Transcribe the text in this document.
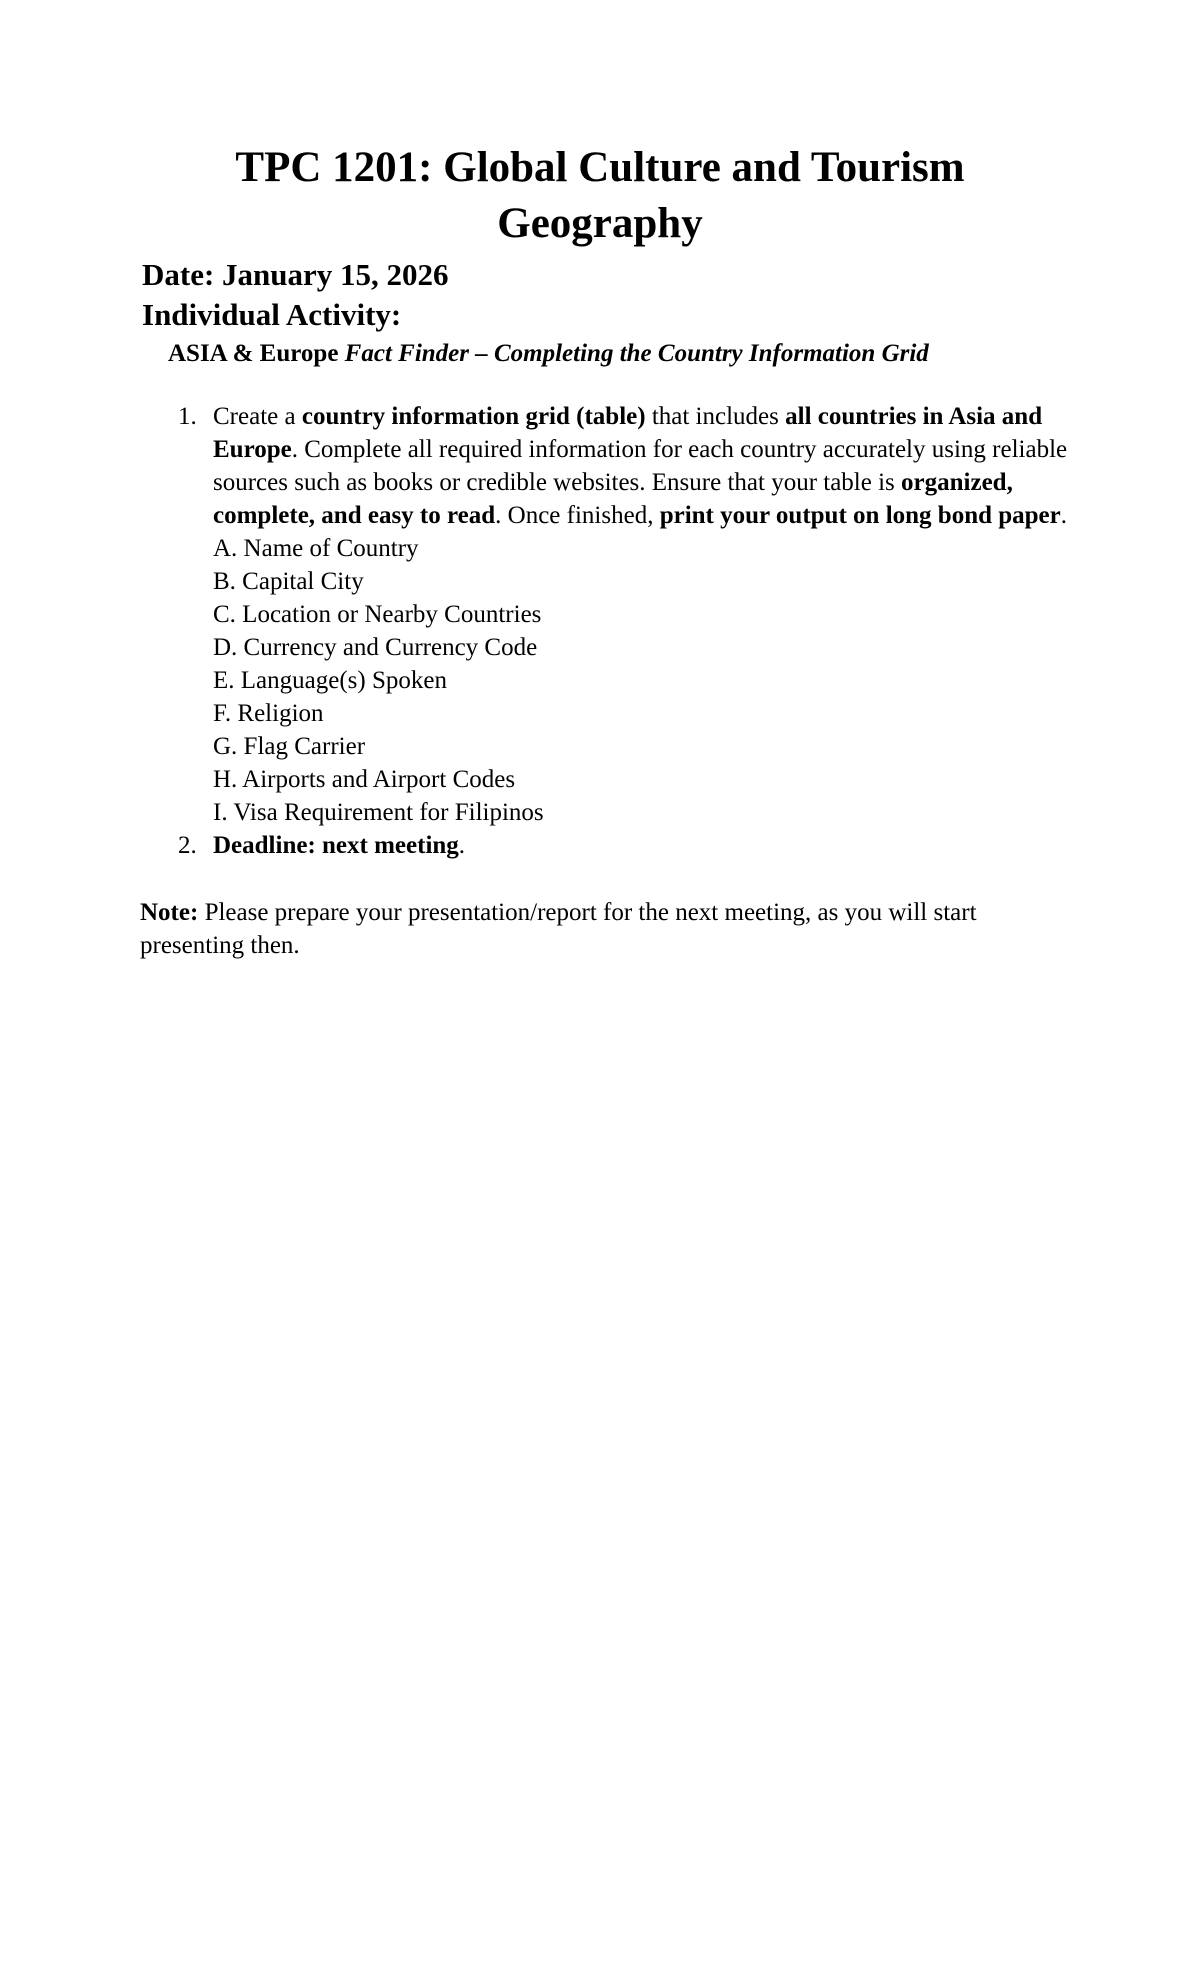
TPC 1201: Global Culture and Tourism
Geography
Date: January 15, 2026
Individual Activity:
ASIA & Europe Fact Finder – Completing the Country Information Grid
1. Create a country information grid (table) that includes all countries in Asia and Europe. Complete all required information for each country accurately using reliable sources such as books or credible websites. Ensure that your table is organized, complete, and easy to read. Once finished, print your output on long bond paper.
A. Name of Country
B. Capital City
C. Location or Nearby Countries
D. Currency and Currency Code
E. Language(s) Spoken
F. Religion
G. Flag Carrier
H. Airports and Airport Codes
I. Visa Requirement for Filipinos
2. Deadline: next meeting.
Note: Please prepare your presentation/report for the next meeting, as you will start presenting then.
